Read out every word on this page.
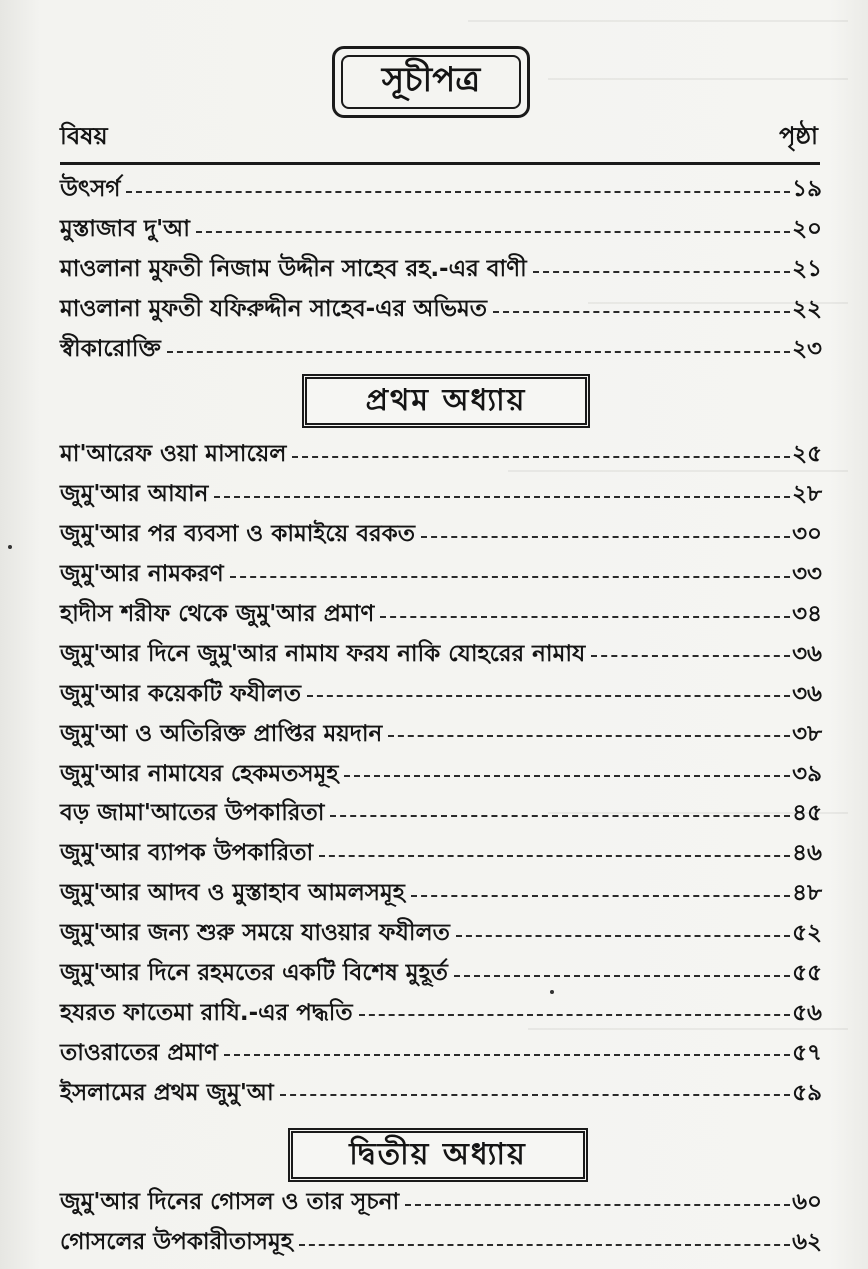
সূচীপত্র
বিষয়	পৃষ্ঠা
উৎসর্গ	১৯
মুস্তাজাব দু'আ	২০
মাওলানা মুফতী নিজাম উদ্দীন সাহেব রহ.-এর বাণী	২১
মাওলানা মুফতী যফিরুদ্দীন সাহেব-এর অভিমত	২২
স্বীকারোক্তি	২৩
প্রথম অধ্যায়
মা'আরেফ ওয়া মাসায়েল	২৫
জুমু'আর আযান	২৮
জুমু'আর পর ব্যবসা ও কামাইয়ে বরকত	৩০
জুমু'আর নামকরণ	৩৩
হাদীস শরীফ থেকে জুমু'আর প্রমাণ	৩৪
জুমু'আর দিনে জুমু'আর নামায ফরয নাকি যোহরের নামায	৩৬
জুমু'আর কয়েকটি ফযীলত	৩৬
জুমু'আ ও অতিরিক্ত প্রাপ্তির ময়দান	৩৮
জুমু'আর নামাযের হেকমতসমূহ	৩৯
বড় জামা'আতের উপকারিতা	৪৫
জুমু'আর ব্যাপক উপকারিতা	৪৬
জুমু'আর আদব ও মুস্তাহাব আমলসমূহ	৪৮
জুমু'আর জন্য শুরু সময়ে যাওয়ার ফযীলত	৫২
জুমু'আর দিনে রহমতের একটি বিশেষ মুহূর্ত	৫৫
হযরত ফাতেমা রাযি.-এর পদ্ধতি	৫৬
তাওরাতের প্রমাণ	৫৭
ইসলামের প্রথম জুমু'আ	৫৯
দ্বিতীয় অধ্যায়
জুমু'আর দিনের গোসল ও তার সূচনা	৬০
গোসলের উপকারীতাসমূহ	৬২
